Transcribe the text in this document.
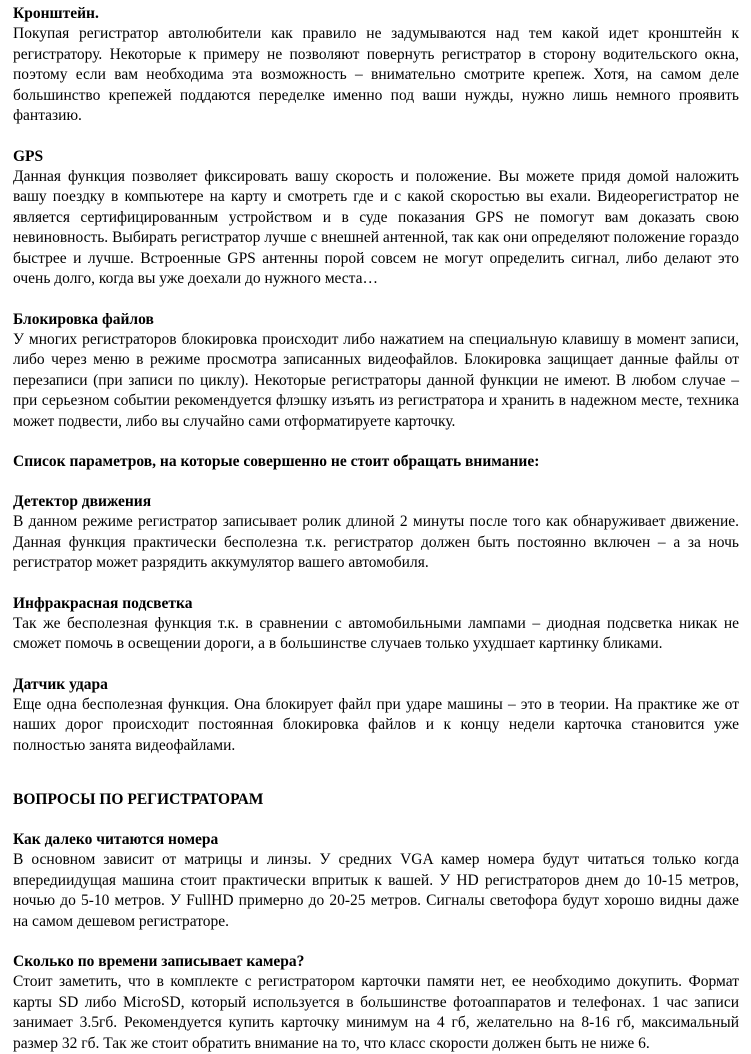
Кронштейн.

Покупая регистратор автолюбители как правило не задумываются над тем какой идет кронштейн к регистратору. Некоторые к примеру не позволяют повернуть регистратор в сторону водительского окна, поэтому если вам необходима эта возможность – внимательно смотрите крепеж. Хотя, на самом деле большинство крепежей поддаются переделке именно под ваши нужды, нужно лишь немного проявить фантазию.

GPS

Данная функция позволяет фиксировать вашу скорость и положение. Вы можете придя домой наложить вашу поездку в компьютере на карту и смотреть где и с какой скоростью вы ехали. Видеорегистратор не является сертифицированным устройством и в суде показания GPS не помогут вам доказать свою невиновность. Выбирать регистратор лучше с внешней антенной, так как они определяют положение гораздо быстрее и лучше. Встроенные GPS антенны порой совсем не могут определить сигнал, либо делают это очень долго, когда вы уже доехали до нужного места…

Блокировка файлов

У многих регистраторов блокировка происходит либо нажатием на специальную клавишу в момент записи, либо через меню в режиме просмотра записанных видеофайлов. Блокировка защищает данные файлы от перезаписи (при записи по циклу). Некоторые регистраторы данной функции не имеют. В любом случае – при серьезном событии рекомендуется флэшку изъять из регистратора и хранить в надежном месте, техника может подвести, либо вы случайно сами отформатируете карточку.

Список параметров, на которые совершенно не стоит обращать внимание:

Детектор движения

В данном режиме регистратор записывает ролик длиной 2 минуты после того как обнаруживает движение. Данная функция практически бесполезна т.к. регистратор должен быть постоянно включен – а за ночь регистратор может разрядить аккумулятор вашего автомобиля.

Инфракрасная подсветка

Так же бесполезная функция т.к. в сравнении с автомобильными лампами – диодная подсветка никак не сможет помочь в освещении дороги, а в большинстве случаев только ухудшает картинку бликами.

Датчик удара

Еще одна бесполезная функция. Она блокирует файл при ударе машины – это в теории. На практике же от наших дорог происходит постоянная блокировка файлов и к концу недели карточка становится уже полностью занята видеофайлами.

ВОПРОСЫ ПО РЕГИСТРАТОРАМ

Как далеко читаются номера

В основном зависит от матрицы и линзы. У средних VGA камер номера будут читаться только когда впередиидущая машина стоит практически впритык к вашей. У HD регистраторов днем до 10-15 метров, ночью до 5-10 метров. У FullHD примерно до 20-25 метров. Сигналы светофора будут хорошо видны даже на самом дешевом регистраторе.

Сколько по времени записывает камера?

Стоит заметить, что в комплекте с регистратором карточки памяти нет, ее необходимо докупить. Формат карты SD либо MicroSD, который используется в большинстве фотоаппаратов и телефонах. 1 час записи занимает 3.5гб. Рекомендуется купить карточку минимум на 4 гб, желательно на 8-16 гб, максимальный размер 32 гб. Так же стоит обратить внимание на то, что класс скорости должен быть не ниже 6.
